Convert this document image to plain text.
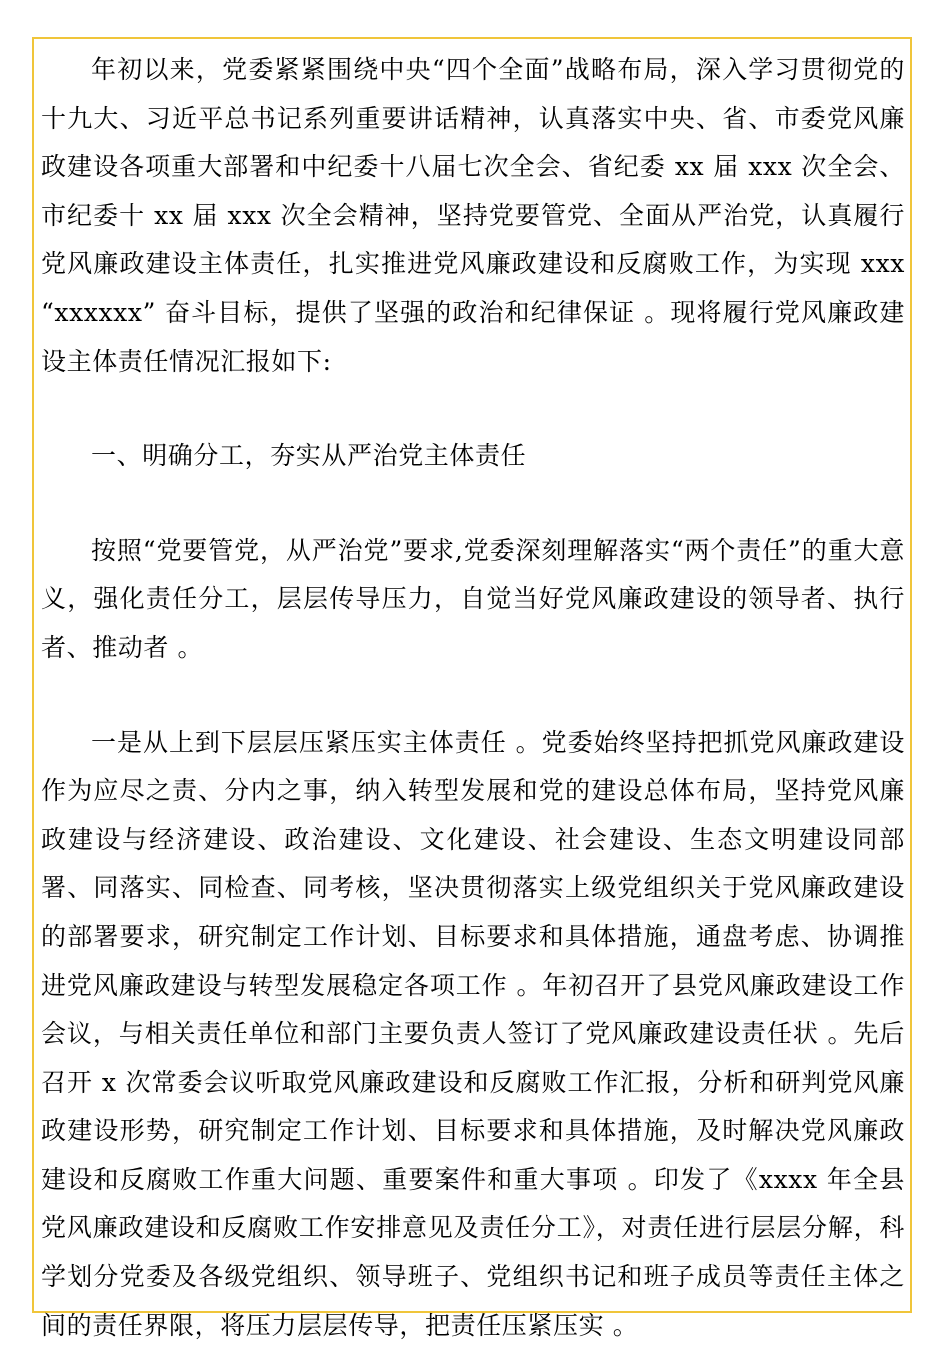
年初以来，党委紧紧围绕中央“四个全面”战略布局，深入学习贯彻党的十九大、习近平总书记系列重要讲话精神，认真落实中央、省、市委党风廉政建设各项重大部署和中纪委十八届七次全会、省纪委 xx 届 xxx 次全会、市纪委十 xx 届 xxx 次全会精神，坚持党要管党、全面从严治党，认真履行党风廉政建设主体责任，扎实推进党风廉政建设和反腐败工作，为实现 xxx “xxxxxx” 奋斗目标，提供了坚强的政治和纪律保证 。现将履行党风廉政建设主体责任情况汇报如下:

一、明确分工，夯实从严治党主体责任

按照“党要管党，从严治党”要求,党委深刻理解落实“两个责任”的重大意义，强化责任分工，层层传导压力，自觉当好党风廉政建设的领导者、执行者、推动者 。

一是从上到下层层压紧压实主体责任 。党委始终坚持把抓党风廉政建设作为应尽之责、分内之事，纳入转型发展和党的建设总体布局，坚持党风廉政建设与经济建设、政治建设、文化建设、社会建设、生态文明建设同部署、同落实、同检查、同考核，坚决贯彻落实上级党组织关于党风廉政建设的部署要求，研究制定工作计划、目标要求和具体措施，通盘考虑、协调推进党风廉政建设与转型发展稳定各项工作 。年初召开了县党风廉政建设工作会议，与相关责任单位和部门主要负责人签订了党风廉政建设责任状 。先后召开 x 次常委会议听取党风廉政建设和反腐败工作汇报，分析和研判党风廉政建设形势，研究制定工作计划、目标要求和具体措施，及时解决党风廉政建设和反腐败工作重大问题、重要案件和重大事项 。印发了《xxxx 年全县党风廉政建设和反腐败工作安排意见及责任分工》，对责任进行层层分解，科学划分党委及各级党组织、领导班子、党组织书记和班子成员等责任主体之间的责任界限，将压力层层传导，把责任压紧压实 。
